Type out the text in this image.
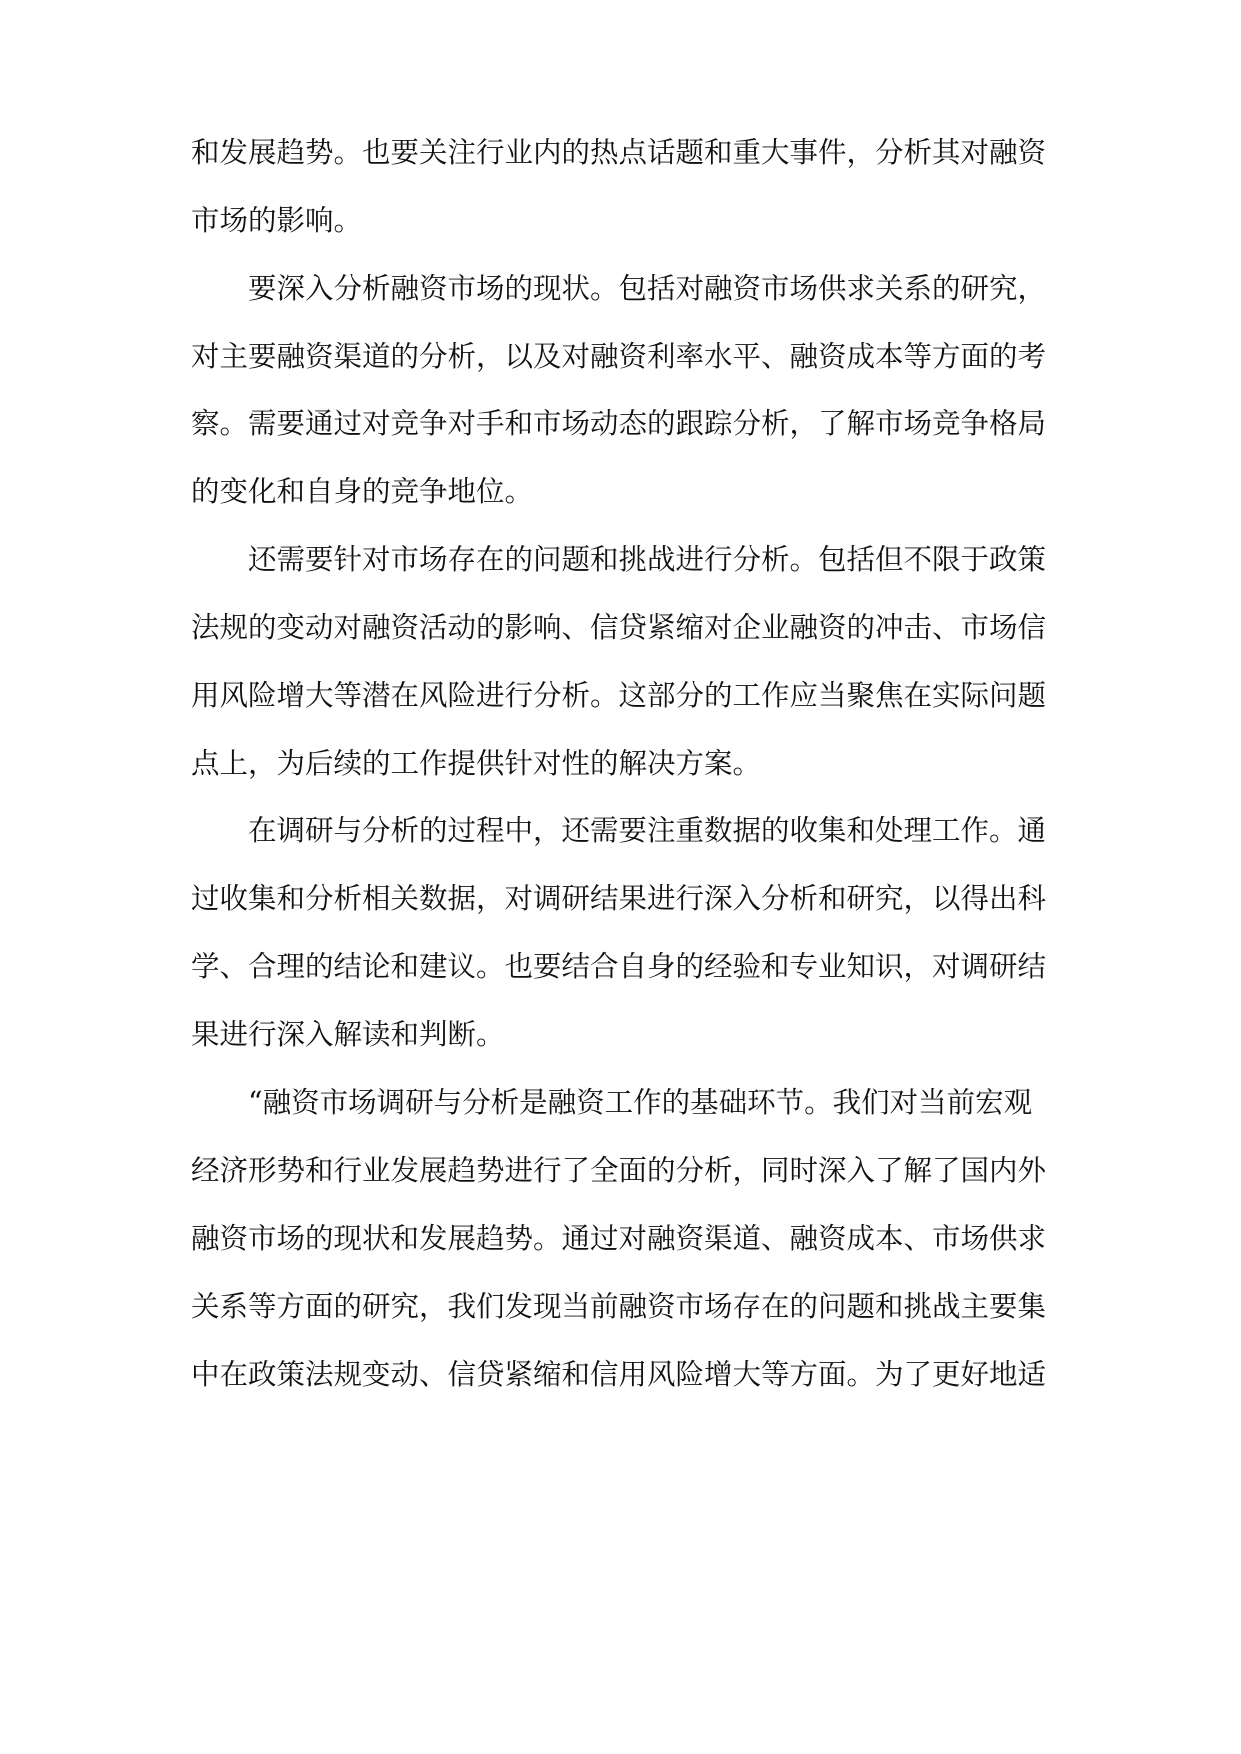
和发展趋势。也要关注行业内的热点话题和重大事件，分析其对融资
市场的影响。
要深入分析融资市场的现状。包括对融资市场供求关系的研究，
对主要融资渠道的分析，以及对融资利率水平、融资成本等方面的考
察。需要通过对竞争对手和市场动态的跟踪分析，了解市场竞争格局
的变化和自身的竞争地位。
还需要针对市场存在的问题和挑战进行分析。包括但不限于政策
法规的变动对融资活动的影响、信贷紧缩对企业融资的冲击、市场信
用风险增大等潜在风险进行分析。这部分的工作应当聚焦在实际问题
点上，为后续的工作提供针对性的解决方案。
在调研与分析的过程中，还需要注重数据的收集和处理工作。通
过收集和分析相关数据，对调研结果进行深入分析和研究，以得出科
学、合理的结论和建议。也要结合自身的经验和专业知识，对调研结
果进行深入解读和判断。
“融资市场调研与分析是融资工作的基础环节。我们对当前宏观
经济形势和行业发展趋势进行了全面的分析，同时深入了解了国内外
融资市场的现状和发展趋势。通过对融资渠道、融资成本、市场供求
关系等方面的研究，我们发现当前融资市场存在的问题和挑战主要集
中在政策法规变动、信贷紧缩和信用风险增大等方面。为了更好地适
